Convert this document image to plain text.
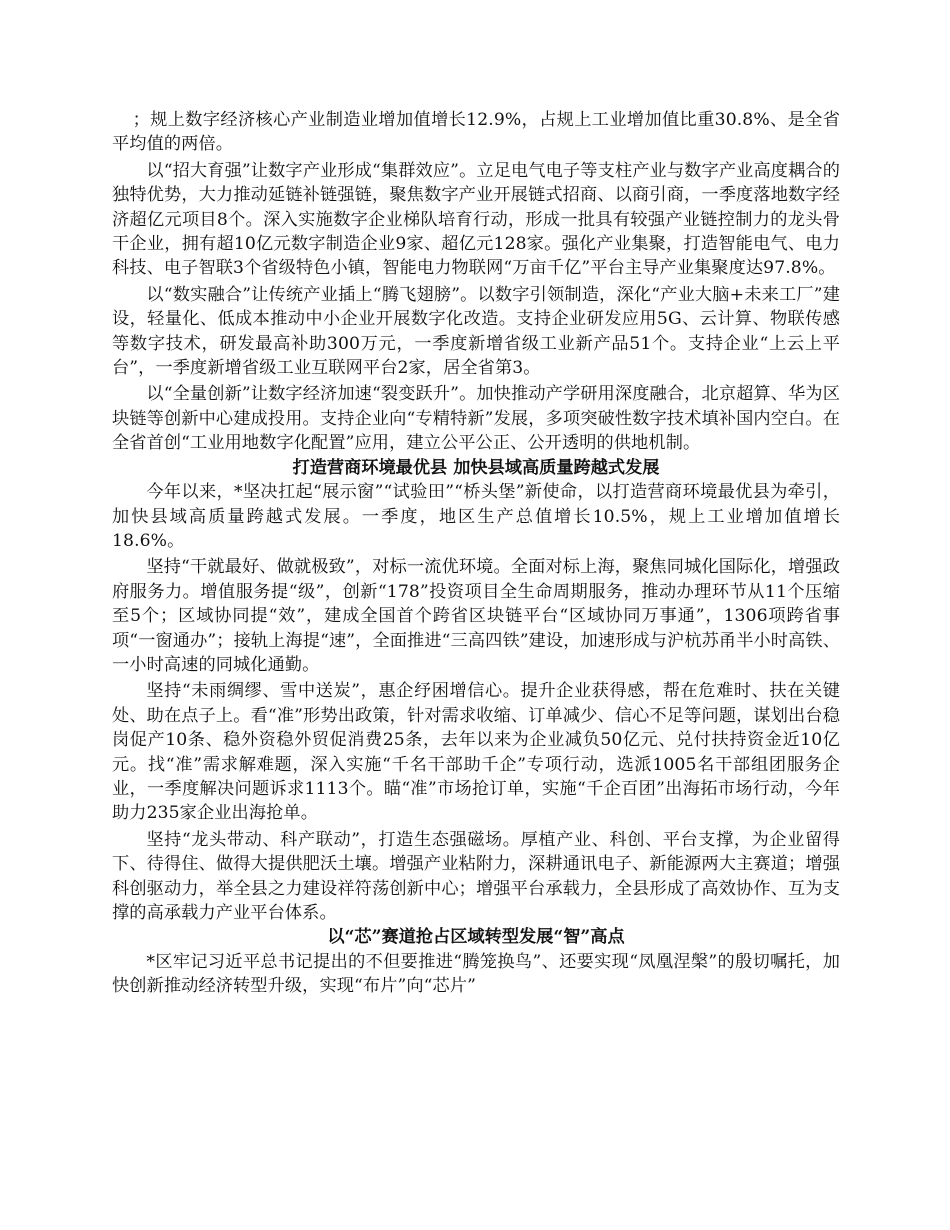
；规上数字经济核心产业制造业增加值增长12.9%，占规上工业增加值比重30.8%、是全省平均值的两倍。

以“招大育强”让数字产业形成“集群效应”。立足电气电子等支柱产业与数字产业高度耦合的独特优势，大力推动延链补链强链，聚焦数字产业开展链式招商、以商引商，一季度落地数字经济超亿元项目8个。深入实施数字企业梯队培育行动，形成一批具有较强产业链控制力的龙头骨干企业，拥有超10亿元数字制造企业9家、超亿元128家。强化产业集聚，打造智能电气、电力科技、电子智联3个省级特色小镇，智能电力物联网“万亩千亿”平台主导产业集聚度达97.8%。

以“数实融合”让传统产业插上“腾飞翅膀”。以数字引领制造，深化“产业大脑+未来工厂”建设，轻量化、低成本推动中小企业开展数字化改造。支持企业研发应用5G、云计算、物联传感等数字技术，研发最高补助300万元，一季度新增省级工业新产品51个。支持企业“上云上平台”，一季度新增省级工业互联网平台2家，居全省第3。

以“全量创新”让数字经济加速“裂变跃升”。加快推动产学研用深度融合，北京超算、华为区块链等创新中心建成投用。支持企业向“专精特新”发展，多项突破性数字技术填补国内空白。在全省首创“工业用地数字化配置”应用，建立公平公正、公开透明的供地机制。

打造营商环境最优县 加快县域高质量跨越式发展

今年以来，*坚决扛起“展示窗”“试验田”“桥头堡”新使命，以打造营商环境最优县为牵引，加快县域高质量跨越式发展。一季度，地区生产总值增长10.5%，规上工业增加值增长18.6%。

坚持“干就最好、做就极致”，对标一流优环境。全面对标上海，聚焦同城化国际化，增强政府服务力。增值服务提“级”，创新“178”投资项目全生命周期服务，推动办理环节从11个压缩至5个；区域协同提“效”，建成全国首个跨省区块链平台“区域协同万事通”，1306项跨省事项“一窗通办”；接轨上海提“速”，全面推进“三高四铁”建设，加速形成与沪杭苏甬半小时高铁、一小时高速的同城化通勤。

坚持“未雨绸缪、雪中送炭”，惠企纾困增信心。提升企业获得感，帮在危难时、扶在关键处、助在点子上。看“准”形势出政策，针对需求收缩、订单减少、信心不足等问题，谋划出台稳岗促产10条、稳外资稳外贸促消费25条，去年以来为企业减负50亿元、兑付扶持资金近10亿元。找“准”需求解难题，深入实施“千名干部助千企”专项行动，选派1005名干部组团服务企业，一季度解决问题诉求1113个。瞄“准”市场抢订单，实施“千企百团”出海拓市场行动，今年助力235家企业出海抢单。

坚持“龙头带动、科产联动”，打造生态强磁场。厚植产业、科创、平台支撑，为企业留得下、待得住、做得大提供肥沃土壤。增强产业粘附力，深耕通讯电子、新能源两大主赛道；增强科创驱动力，举全县之力建设祥符荡创新中心；增强平台承载力，全县形成了高效协作、互为支撑的高承载力产业平台体系。

以“芯”赛道抢占区域转型发展“智”高点

*区牢记习近平总书记提出的不但要推进“腾笼换鸟”、还要实现“凤凰涅槃”的殷切嘱托，加快创新推动经济转型升级，实现“布片”向“芯片”
